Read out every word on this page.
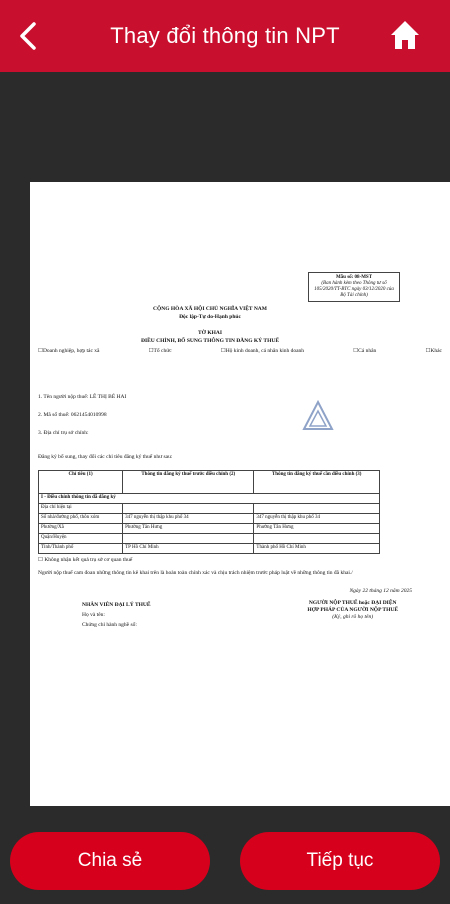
Thay đổi thông tin NPT
Mẫu số: 08-MST
(Ban hành kèm theo Thông tư số 105/2020/TT-BTC ngày 03/12/2020 của Bộ Tài chính)
CỘNG HÒA XÃ HỘI CHỦ NGHĨA VIỆT NAM
Độc lập-Tự do-Hạnh phúc
TỜ KHAI
ĐIỀU CHỈNH, BỔ SUNG THÔNG TIN ĐĂNG KÝ THUẾ
☐Doanh nghiệp, hợp tác xã	☐Tổ chức	☐Hộ kinh doanh, cá nhân kinh doanh	☐Cá nhân	☐Khác
1. Tên người nộp thuế: LÊ THỊ BÉ HAI
2. Mã số thuế: 0621454010998
3. Địa chỉ trụ sở chính:
Đăng ký bổ sung, thay đổi các chỉ tiêu đăng ký thuế như sau:
Chỉ tiêu (1)	Thông tin đăng ký thuế trước điều chỉnh (2)	Thông tin đăng ký thuế cần điều chỉnh (3)
I - Điều chỉnh thông tin đã đăng ký		
Địa chỉ hiện tại		
Số nhà/đường phố, thôn xóm	347 nguyễn thị thập khu phố 34	347 nguyễn thị thập khu phố 34
Phường/Xã	Phường Tân Hưng	Phường Tân Hưng
Quận/Huyện		
Tỉnh/Thành phố	TP Hồ Chí Minh	Thành phố Hồ Chí Minh
☐ Không nhận kết quả trụ sở cơ quan thuế
Người nộp thuế cam đoan những thông tin kê khai trên là hoàn toàn chính xác và chịu trách nhiệm trước pháp luật về những thông tin đã khai./
Ngày 22 tháng 12 năm 2025
NHÂN VIÊN ĐẠI LÝ THUẾ
Họ và tên:
Chứng chỉ hành nghề số:
NGƯỜI NỘP THUẾ hoặc ĐẠI DIỆN
HỢP PHÁP CỦA NGƯỜI NỘP THUẾ
(Ký, ghi rõ họ tên)
Chia sẻ	Tiếp tục
